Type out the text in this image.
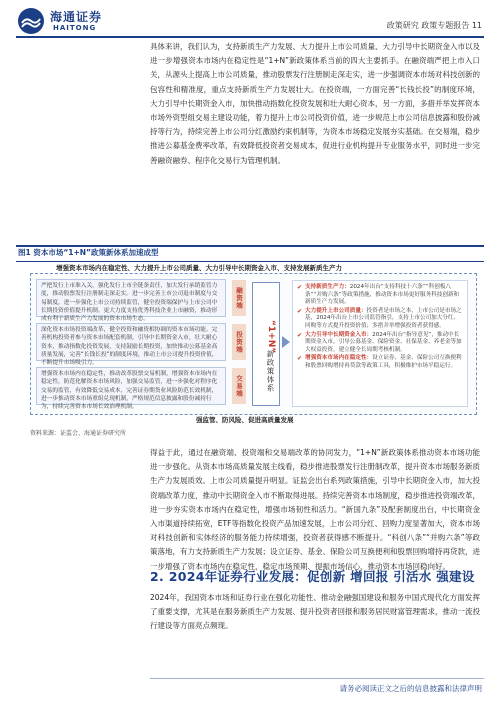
海通证券
HAITONG	政策研究 政策专题报告 11

具体来讲，我们认为，支持新质生产力发展、大力提升上市公司质量、大力引导中长期资金入市以及进一步增强资本市场内在稳定性是“1+N”新政策体系当前的四大主要抓手。在融资端严把上市入口关，从源头上提高上市公司质量，推动股票发行注册制走深走实，进一步强调资本市场对科技创新的包容性和精准度，重点支持新质生产力发展壮大。在投资端，一方面完善“长钱长投”的制度环境，大力引导中长期资金入市，加快推动指数化投资发展和壮大耐心资本，另一方面，多措并举发挥资本市场外资型组交易主建设功能，着力提升上市公司投资价值，进一步规范上市公司信息披露和股份减持等行为，持续完善上市公司分红激励约束机制等，为资本市场稳定发展夯实基础。在交易端，稳步推进公募基金费率改革，有效降低投资者交易成本，促进行业机构提升专业服务水平，同时进一步完善融资融券、程序化交易行为管理机制。

图1 资本市场“1+N”政策新体系加速成型
增强资本市场内在稳定性、大力提升上市公司质量、大力引导中长期资金入市、支持发展新质生产力
严把发行上市准入关，强化发行上市全链条责任，加大发行承销监管力度，推动股票发行注册制走深走实。进一步完善上市公司退市制度与交易制度，进一步强化上市公司持续监管，健全投资端保护与上市公司中长期投资价值提升机制。更大力度支持优秀科技企业上市融资，推动形成有利于新质生产力发展的资本市场生态。
深化资本市场投资端改革，健全投资和融资相协调的资本市场功能。完善机构投资者参与资本市场配套机制，引导中长期资金入市，壮大耐心资本，推动指数化投资发展，支持鼓励长期投资，加快推动公募基金高质量发展，完善“长钱长投”的制度环境，推动上市公司提升投资价值，不断提升市场吸引力。
增强资本市场内在稳定性，推动改革股票交易机制，增强资本市场内在稳定性，防范化解资本市场风险，加强交易监管，进一步强化对程序化交易的监管，有效降低交易成本，完善证券期货业风险防范长效机制，进一步推动资本市场重组兑现机制，严格规范信息披露和股份减持行为，持续完善资本市场长效治理机制。
融资端
投资端
交易端
“1+N”
新政策体系
✔ 支持新质生产力：2024年出台“支持科技十六条”“科创板八条”“并购六条”等政策措施，推动资本市场更好服务科技创新和新质生产力发展。
✔ 大力提升上市公司质量：投资者是市场之本，上市公司是市场之基，2024年出台上市公司监管指引，支持上市公司加大分红、回购等方式提升投资价值；多措并举增强投资者获得感。
✔ 大力引导中长期资金入市：2024年出台“指导意见”，推动中长期资金入市，引导公募基金、保险资金、社保基金、养老金等加大权益投资，建立健全长周期考核机制。
✔ 增强资本市场内在稳定性：设立证券、基金、保险公司互换便利和股票回购增持再贷款等政策工具，积极维护市场平稳运行。
强监管、防风险、促进高质量发展
资料来源：证监会、海通证券研究所

得益于此，通过在融资端、投资端和交易端改革的协同发力，“1+N”新政策体系推动资本市场功能进一步强化。从资本市场高质量发展主线看，稳步推进股票发行注册制改革，提升资本市场服务新质生产力发展质效。上市公司质量提升明显。证监会出台系列政策措施，引导中长期资金入市，加大投资端改革力度，推动中长期资金入市不断取得进展。持续完善资本市场制度，稳步推进投资端改革，进一步夯实资本市场内在稳定性，增强市场韧性和活力。“新国九条”及配套制度出台，中长期资金入市渠道持续拓宽，ETF等指数化投资产品加速发展，上市公司分红、回购力度显著加大，资本市场对科技创新和实体经济的服务能力持续增强，投资者获得感不断提升。“科创八条”“并购六条”等政策落地，有力支持新质生产力发展；设立证券、基金、保险公司互换便利和股票回购增持再贷款，进一步增强了资本市场内在稳定性，稳定市场预期、提振市场信心，推动资本市场回稳向好。

2. 2024年证券行业发展：促创新 增回报 引活水 强建设

2024年，我国资本市场和证券行业在强化功能性、推动金融强国建设和服务中国式现代化方面发挥了重要支撑，尤其是在服务新质生产力发展、提升投资者回报和服务居民财富管理需求，推动一流投行建设等方面亮点频现。

请务必阅读正文之后的信息披露和法律声明
